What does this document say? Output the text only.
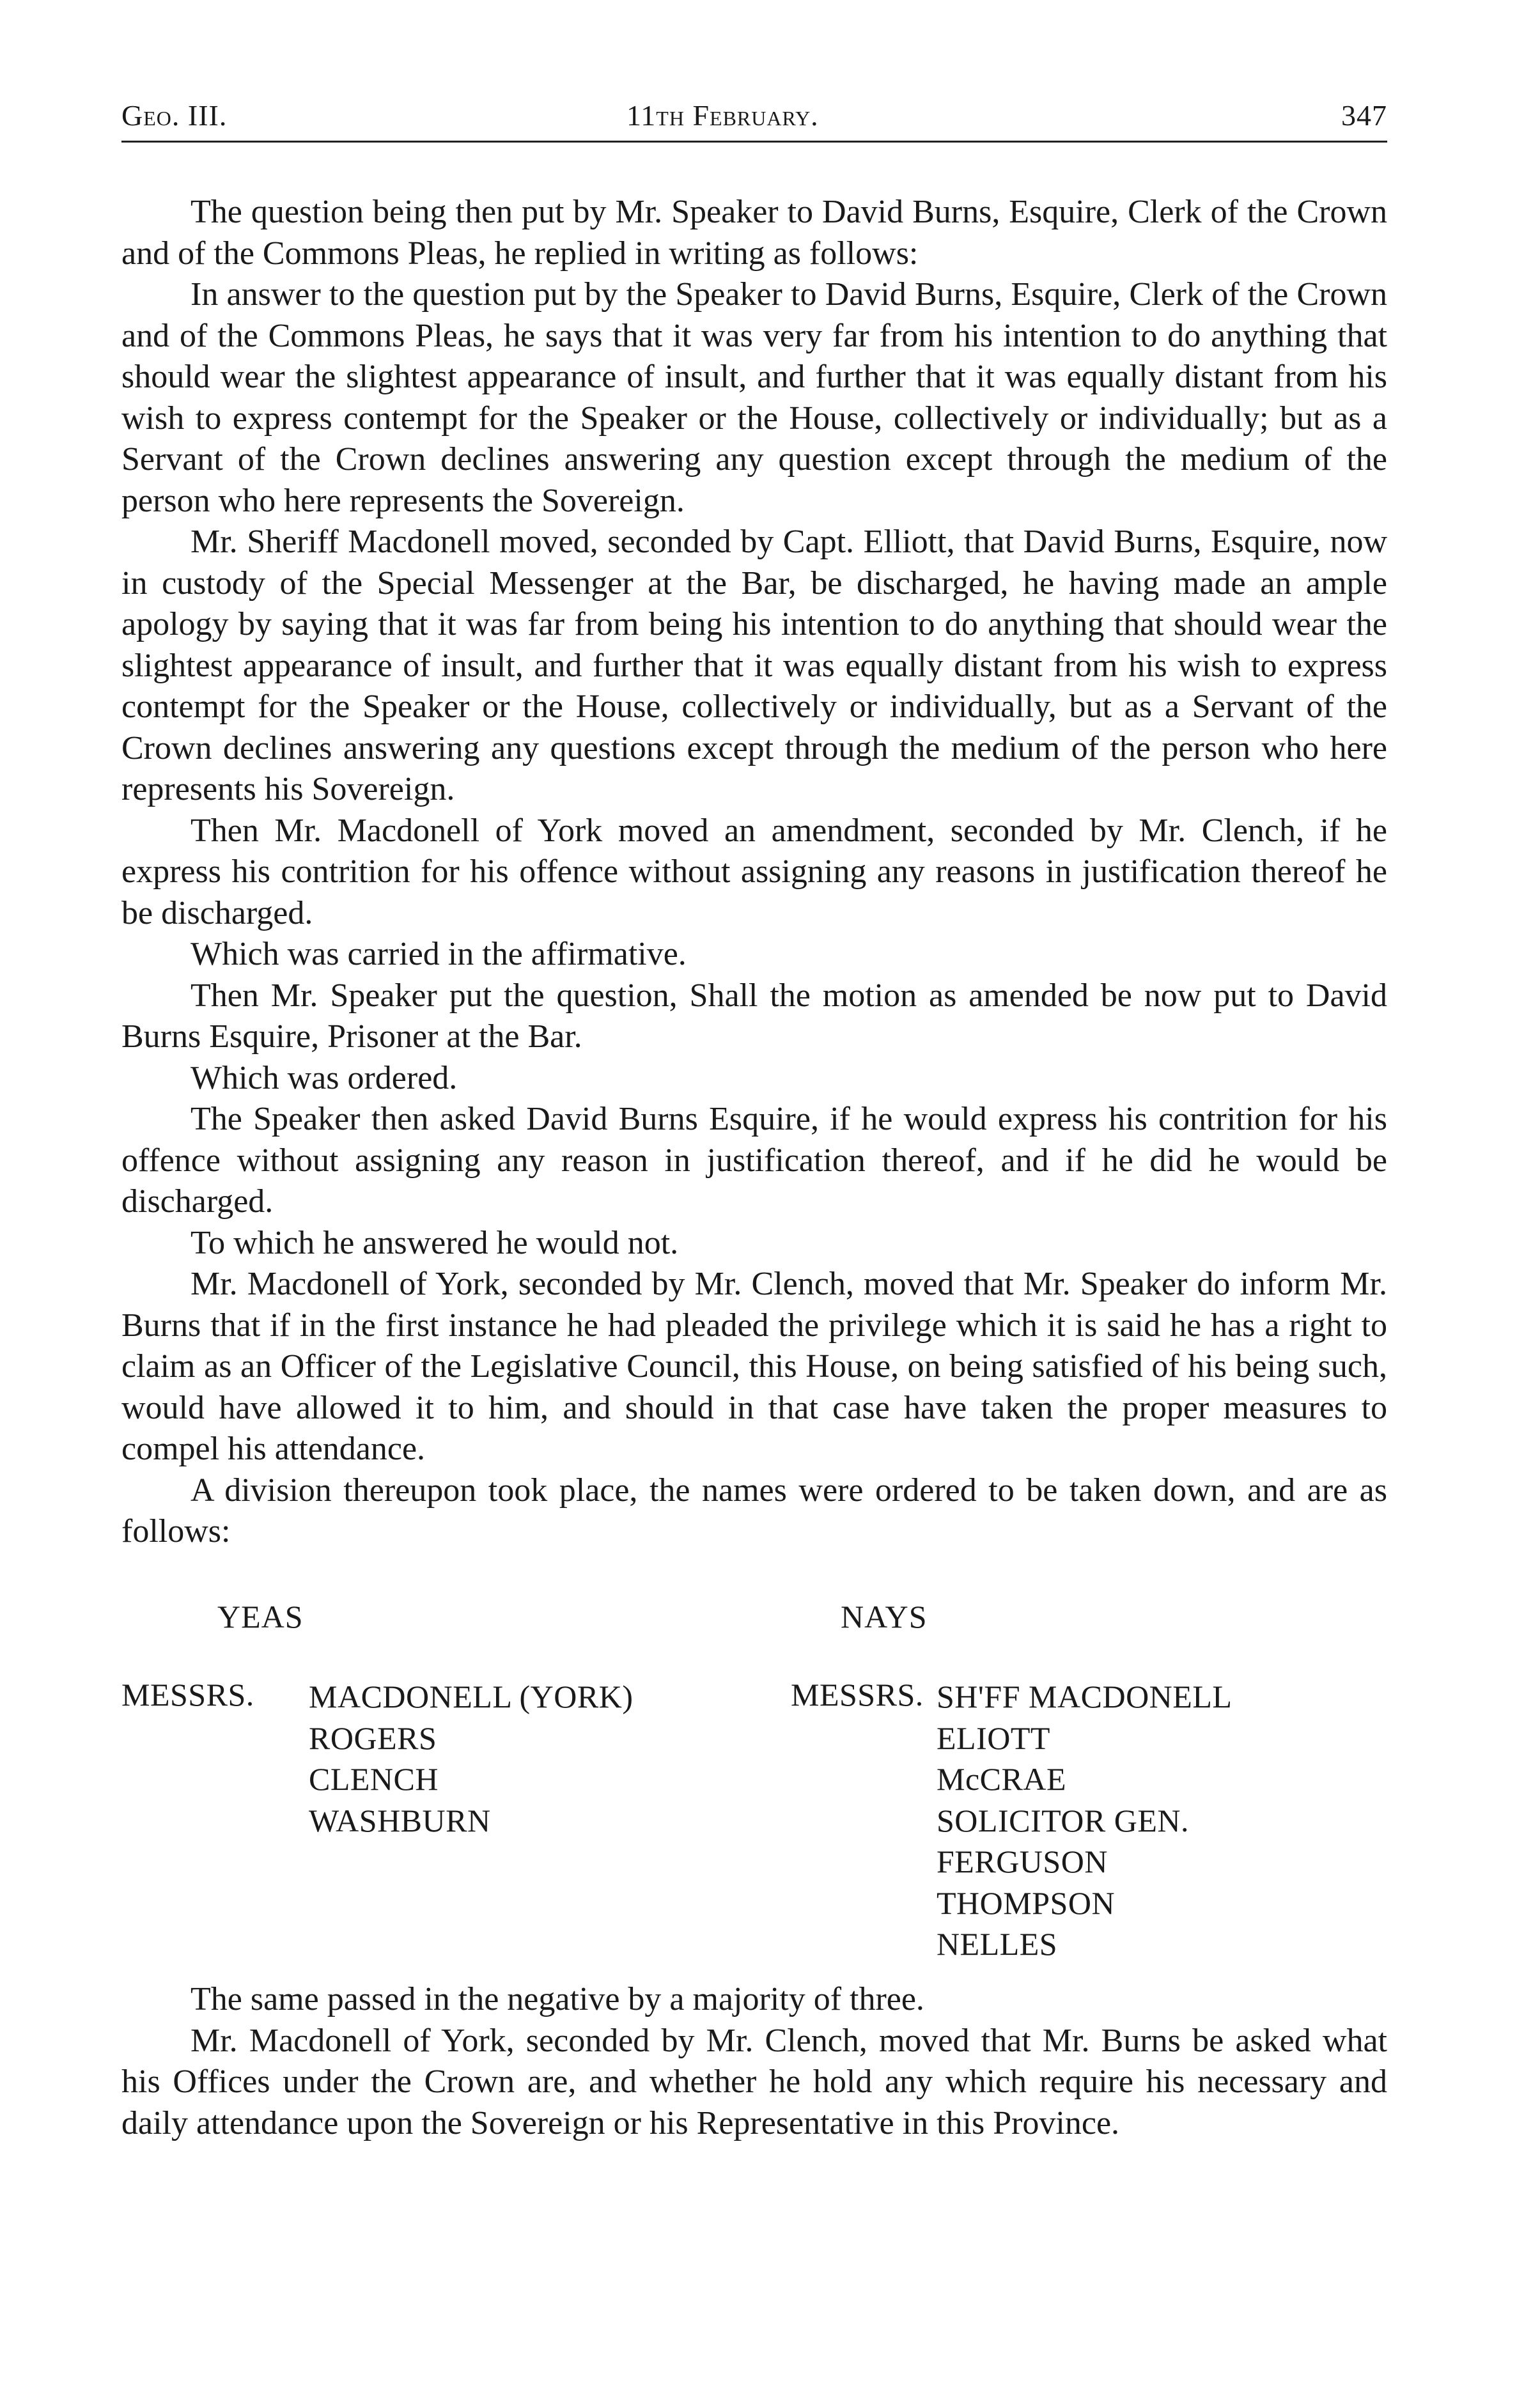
Geo. III.	11th February.	347

The question being then put by Mr. Speaker to David Burns, Esquire, Clerk of the Crown and of the Commons Pleas, he replied in writing as follows:

In answer to the question put by the Speaker to David Burns, Esquire, Clerk of the Crown and of the Commons Pleas, he says that it was very far from his intention to do anything that should wear the slightest appearance of insult, and further that it was equally distant from his wish to express contempt for the Speaker or the House, collectively or individually; but as a Servant of the Crown declines answering any question except through the medium of the person who here represents the Sovereign.

Mr. Sheriff Macdonell moved, seconded by Capt. Elliott, that David Burns, Esquire, now in custody of the Special Messenger at the Bar, be discharged, he having made an ample apology by saying that it was far from being his intention to do anything that should wear the slightest appearance of insult, and further that it was equally distant from his wish to express contempt for the Speaker or the House, collectively or individually, but as a Servant of the Crown declines answering any questions except through the medium of the person who here represents his Sovereign.

Then Mr. Macdonell of York moved an amendment, seconded by Mr. Clench, if he express his contrition for his offence without assigning any reasons in justification thereof he be discharged.

Which was carried in the affirmative.

Then Mr. Speaker put the question, Shall the motion as amended be now put to David Burns Esquire, Prisoner at the Bar.

Which was ordered.

The Speaker then asked David Burns Esquire, if he would express his contrition for his offence without assigning any reason in justification thereof, and if he did he would be discharged.

To which he answered he would not.

Mr. Macdonell of York, seconded by Mr. Clench, moved that Mr. Speaker do inform Mr. Burns that if in the first instance he had pleaded the privilege which it is said he has a right to claim as an Officer of the Legislative Council, this House, on being satisfied of his being such, would have allowed it to him, and should in that case have taken the proper measures to compel his attendance.

A division thereupon took place, the names were ordered to be taken down, and are as follows:

YEAS	NAYS
MESSRS. MACDONELL (YORK)
ROGERS
CLENCH
WASHBURN
MESSRS. SH'FF MACDONELL
ELIOTT
McCRAE
SOLICITOR GEN.
FERGUSON
THOMPSON
NELLES

The same passed in the negative by a majority of three.

Mr. Macdonell of York, seconded by Mr. Clench, moved that Mr. Burns be asked what his Offices under the Crown are, and whether he hold any which require his necessary and daily attendance upon the Sovereign or his Representative in this Province.
